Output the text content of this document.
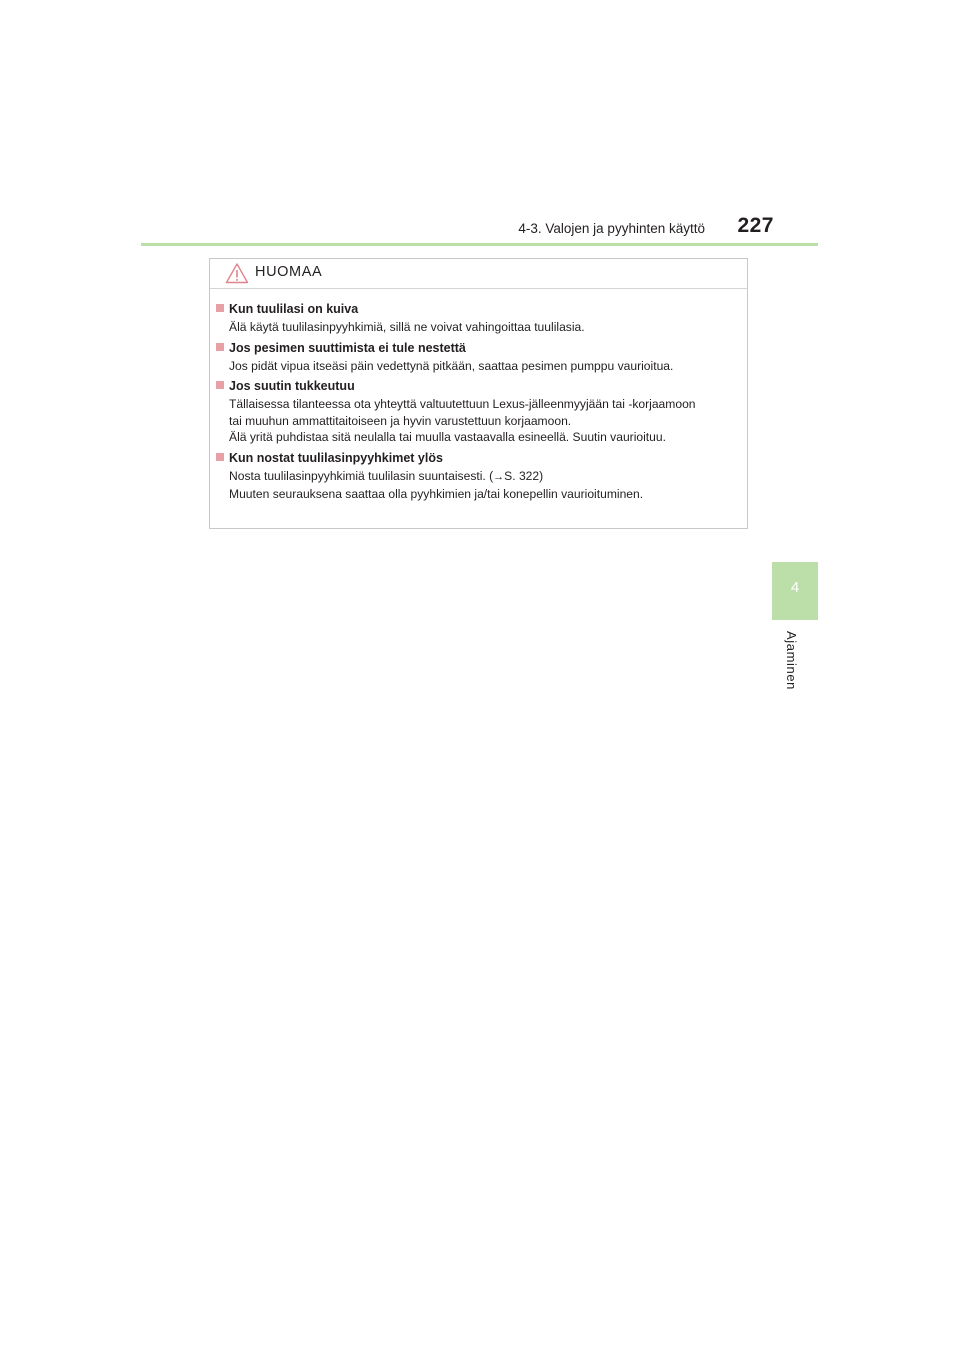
4-3. Valojen ja pyyhinten käyttö	227
4
Ajaminen
HUOMAA
Kun tuulilasi on kuiva
Älä käytä tuulilasinpyyhkimiä, sillä ne voivat vahingoittaa tuulilasia.
Jos pesimen suuttimista ei tule nestettä
Jos pidät vipua itseäsi päin vedettynä pitkään, saattaa pesimen pumppu vaurioitua.
Jos suutin tukkeutuu
Tällaisessa tilanteessa ota yhteyttä valtuutettuun Lexus-jälleenmyyjään tai -korjaamoon
tai muuhun ammattitaitoiseen ja hyvin varustettuun korjaamoon.
Älä yritä puhdistaa sitä neulalla tai muulla vastaavalla esineellä. Suutin vaurioituu.
Kun nostat tuulilasinpyyhkimet ylös
Nosta tuulilasinpyyhkimiä tuulilasin suuntaisesti. (→S. 322)
Muuten seurauksena saattaa olla pyyhkimien ja/tai konepellin vaurioituminen.
